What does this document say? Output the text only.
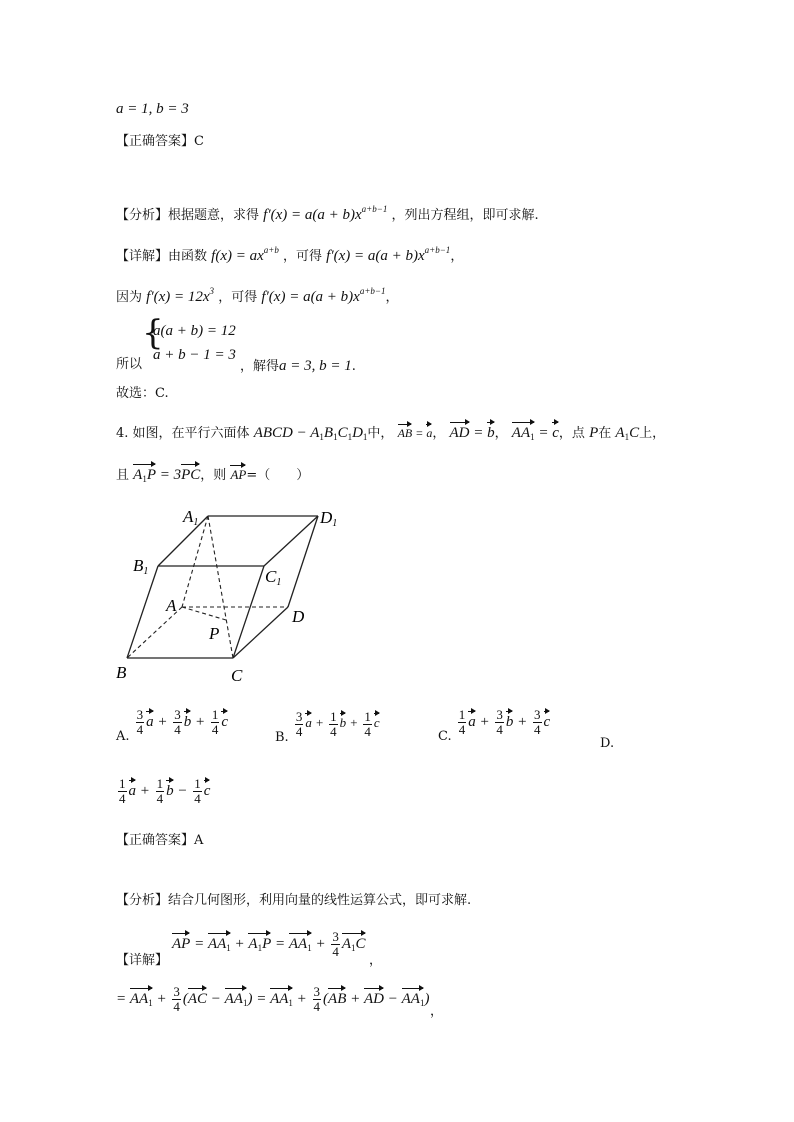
a = 1, b = 3
【正确答案】C
【分析】根据题意，求得 $f'(x) = a(a + b)x^{a+b-1}$ ，列出方程组，即可求解.
【详解】由函数 $f(x) = ax^{a+b}$ ，可得 $f'(x) = a(a + b)x^{a+b-1}$，
因为 $f'(x) = 12x^3$ ，可得 $f'(x) = a(a + b)x^{a+b-1}$，
{
a(a + b) = 12
a + b − 1 = 3
所以	，解得a = 3, b = 1.
故选：C.
4. 如图，在平行六面体 ABCD − $A_1B_1C_1D_1$中， AB = a， AD = b， $AA_1 = c$，点 P在 $A_1C$上，
且 $A_1P = 3PC$，则 AP=（　　）
A1	D1
B1	C1
A
D
P
B	C
A. $\frac{3}{4}$ $a + \frac{3}{4}$ $b + \frac{1}{4}$ c
B. $\frac{3}{4}$ $a + \frac{1}{4}$ $b + \frac{1}{4}$ c
C. $\frac{1}{4}$ $a + \frac{3}{4}$ $b + \frac{3}{4}$ c
D.
$\frac{1}{4}$ $a + \frac{1}{4}$ $b - \frac{1}{4}$ c
【正确答案】A
【分析】结合几何图形，利用向量的线性运算公式，即可求解.
AP = $AA_1 + A_1P = AA_1 + \frac{3}{4} A_1C$
【详解】	，
= $AA_1 + \frac{3}{4} (AC - AA_1) = AA_1 + \frac{3}{4} (AB$ + AD − $AA_1$)
，
